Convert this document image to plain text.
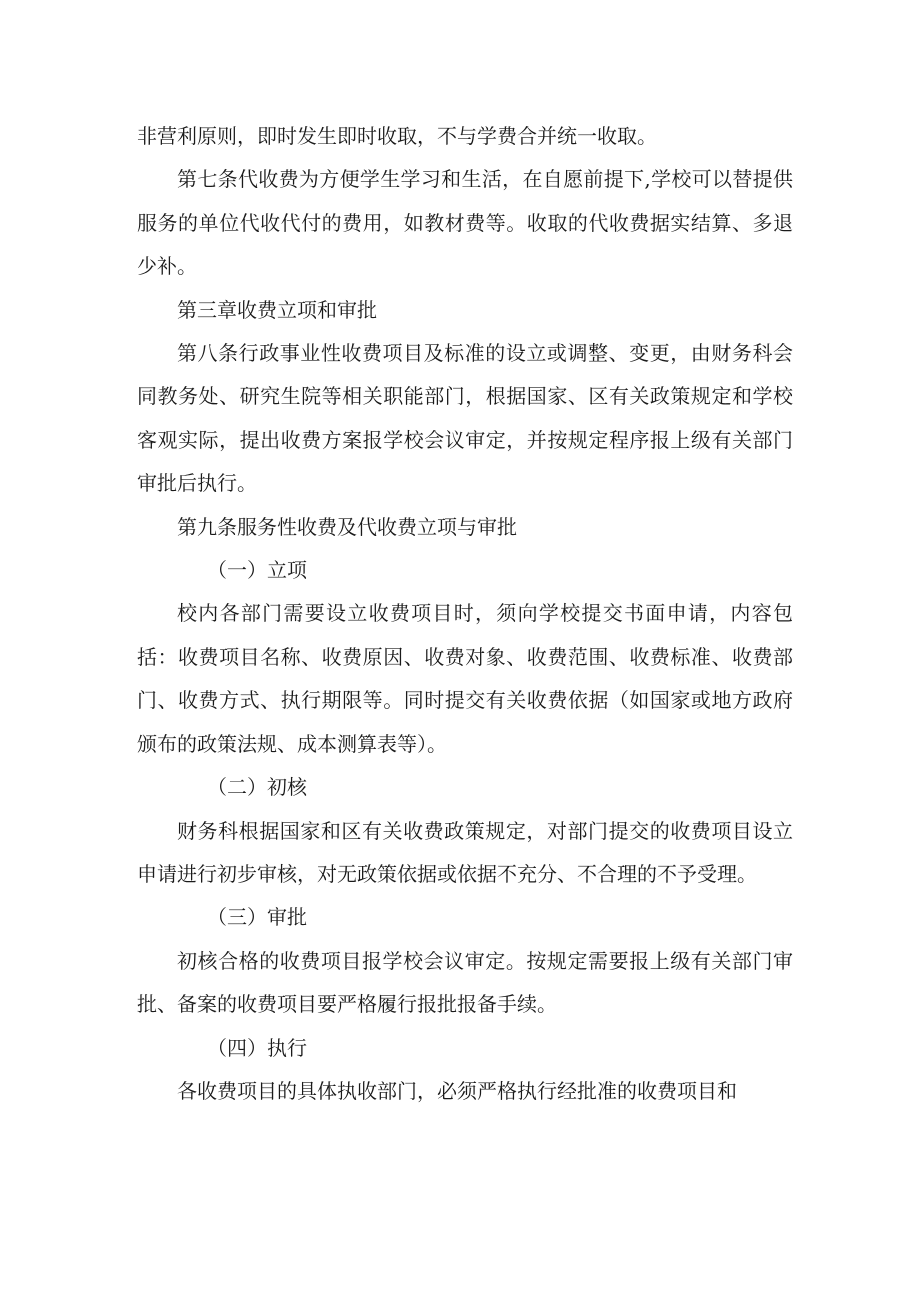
非营利原则，即时发生即时收取，不与学费合并统一收取。

第七条代收费为方便学生学习和生活，在自愿前提下,学校可以替提供服务的单位代收代付的费用，如教材费等。收取的代收费据实结算、多退少补。

第三章收费立项和审批

第八条行政事业性收费项目及标准的设立或调整、变更，由财务科会同教务处、研究生院等相关职能部门，根据国家、区有关政策规定和学校客观实际，提出收费方案报学校会议审定，并按规定程序报上级有关部门审批后执行。

第九条服务性收费及代收费立项与审批

（一）立项

校内各部门需要设立收费项目时，须向学校提交书面申请，内容包括：收费项目名称、收费原因、收费对象、收费范围、收费标准、收费部门、收费方式、执行期限等。同时提交有关收费依据（如国家或地方政府颁布的政策法规、成本测算表等）。

（二）初核

财务科根据国家和区有关收费政策规定，对部门提交的收费项目设立申请进行初步审核，对无政策依据或依据不充分、不合理的不予受理。

（三）审批

初核合格的收费项目报学校会议审定。按规定需要报上级有关部门审批、备案的收费项目要严格履行报批报备手续。

（四）执行

各收费项目的具体执收部门，必须严格执行经批准的收费项目和
